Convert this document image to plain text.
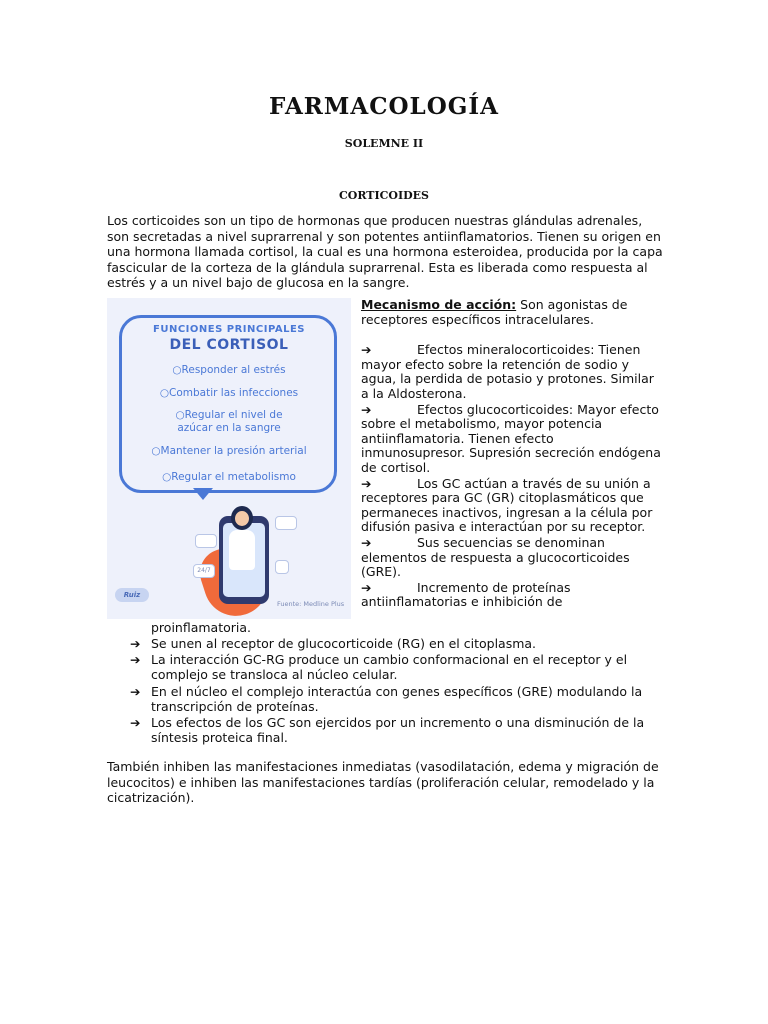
FARMACOLOGÍA
SOLEMNE II
CORTICOIDES

Los corticoides son un tipo de hormonas que producen nuestras glándulas adrenales, son secretadas a nivel suprarrenal y son potentes antiinflamatorios. Tienen su origen en una hormona llamada cortisol, la cual es una hormona esteroidea, producida por la capa fascicular de la corteza de la glándula suprarrenal. Esta es liberada como respuesta al estrés y a un nivel bajo de glucosa en la sangre.

FUNCIONES PRINCIPALES
DEL CORTISOL
○Responder al estrés
○Combatir las infecciones
○Regular el nivel de azúcar en la sangre
○Mantener la presión arterial
○Regular el metabolismo
24/7
Ruiz
Fuente: Medline Plus

Mecanismo de acción: Son agonistas de receptores específicos intracelulares.

➔	Efectos mineralocorticoides: Tienen mayor efecto sobre la retención de sodio y agua, la perdida de potasio y protones. Similar a la Aldosterona.

➔	Efectos glucocorticoides: Mayor efecto sobre el metabolismo, mayor potencia antiinflamatoria. Tienen efecto inmunosupresor. Supresión secreción endógena de cortisol.

➔	Los GC actúan a través de su unión a receptores para GC (GR) citoplasmáticos que permaneces inactivos, ingresan a la célula por difusión pasiva e interactúan por su receptor.

➔	Sus secuencias se denominan elementos de respuesta a glucocorticoides (GRE).

➔	Incremento de proteínas antiinflamatorias e inhibición de

proinflamatoria.

➔ Se unen al receptor de glucocorticoide (RG) en el citoplasma.
➔ La interacción GC-RG produce un cambio conformacional en el receptor y el complejo se transloca al núcleo celular.
➔ En el núcleo el complejo interactúa con genes específicos (GRE) modulando la transcripción de proteínas.
➔ Los efectos de los GC son ejercidos por un incremento o una disminución de la síntesis proteica final.

También inhiben las manifestaciones inmediatas (vasodilatación, edema y migración de leucocitos) e inhiben las manifestaciones tardías (proliferación celular, remodelado y la cicatrización).
